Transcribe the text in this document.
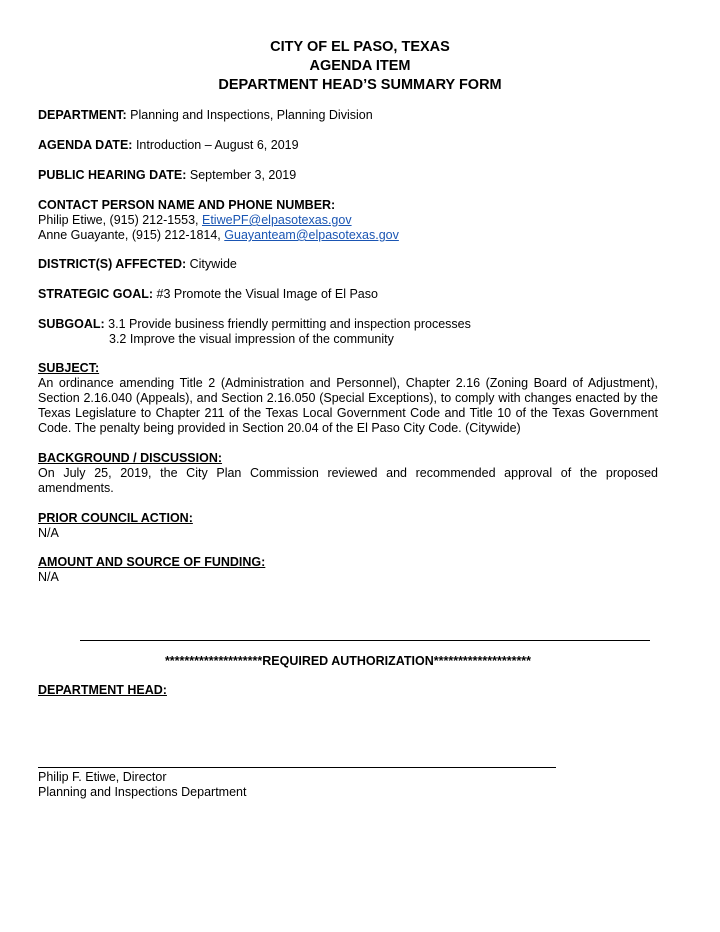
CITY OF EL PASO, TEXAS
AGENDA ITEM
DEPARTMENT HEAD’S SUMMARY FORM
DEPARTMENT: Planning and Inspections, Planning Division
AGENDA DATE: Introduction – August 6, 2019
PUBLIC HEARING DATE: September 3, 2019
CONTACT PERSON NAME AND PHONE NUMBER:
Philip Etiwe, (915) 212-1553, EtiwePF@elpasotexas.gov
Anne Guayante, (915) 212-1814, Guayanteam@elpasotexas.gov
DISTRICT(S) AFFECTED: Citywide
STRATEGIC GOAL: #3 Promote the Visual Image of El Paso
SUBGOAL: 3.1 Provide business friendly permitting and inspection processes
3.2 Improve the visual impression of the community
SUBJECT:
An ordinance amending Title 2 (Administration and Personnel), Chapter 2.16 (Zoning Board of Adjustment), Section 2.16.040 (Appeals), and Section 2.16.050 (Special Exceptions), to comply with changes enacted by the Texas Legislature to Chapter 211 of the Texas Local Government Code and Title 10 of the Texas Government Code. The penalty being provided in Section 20.04 of the El Paso City Code. (Citywide)
BACKGROUND / DISCUSSION:
On July 25, 2019, the City Plan Commission reviewed and recommended approval of the proposed amendments.
PRIOR COUNCIL ACTION:
N/A
AMOUNT AND SOURCE OF FUNDING:
N/A
********************REQUIRED AUTHORIZATION********************
DEPARTMENT HEAD:
Philip F. Etiwe, Director
Planning and Inspections Department
